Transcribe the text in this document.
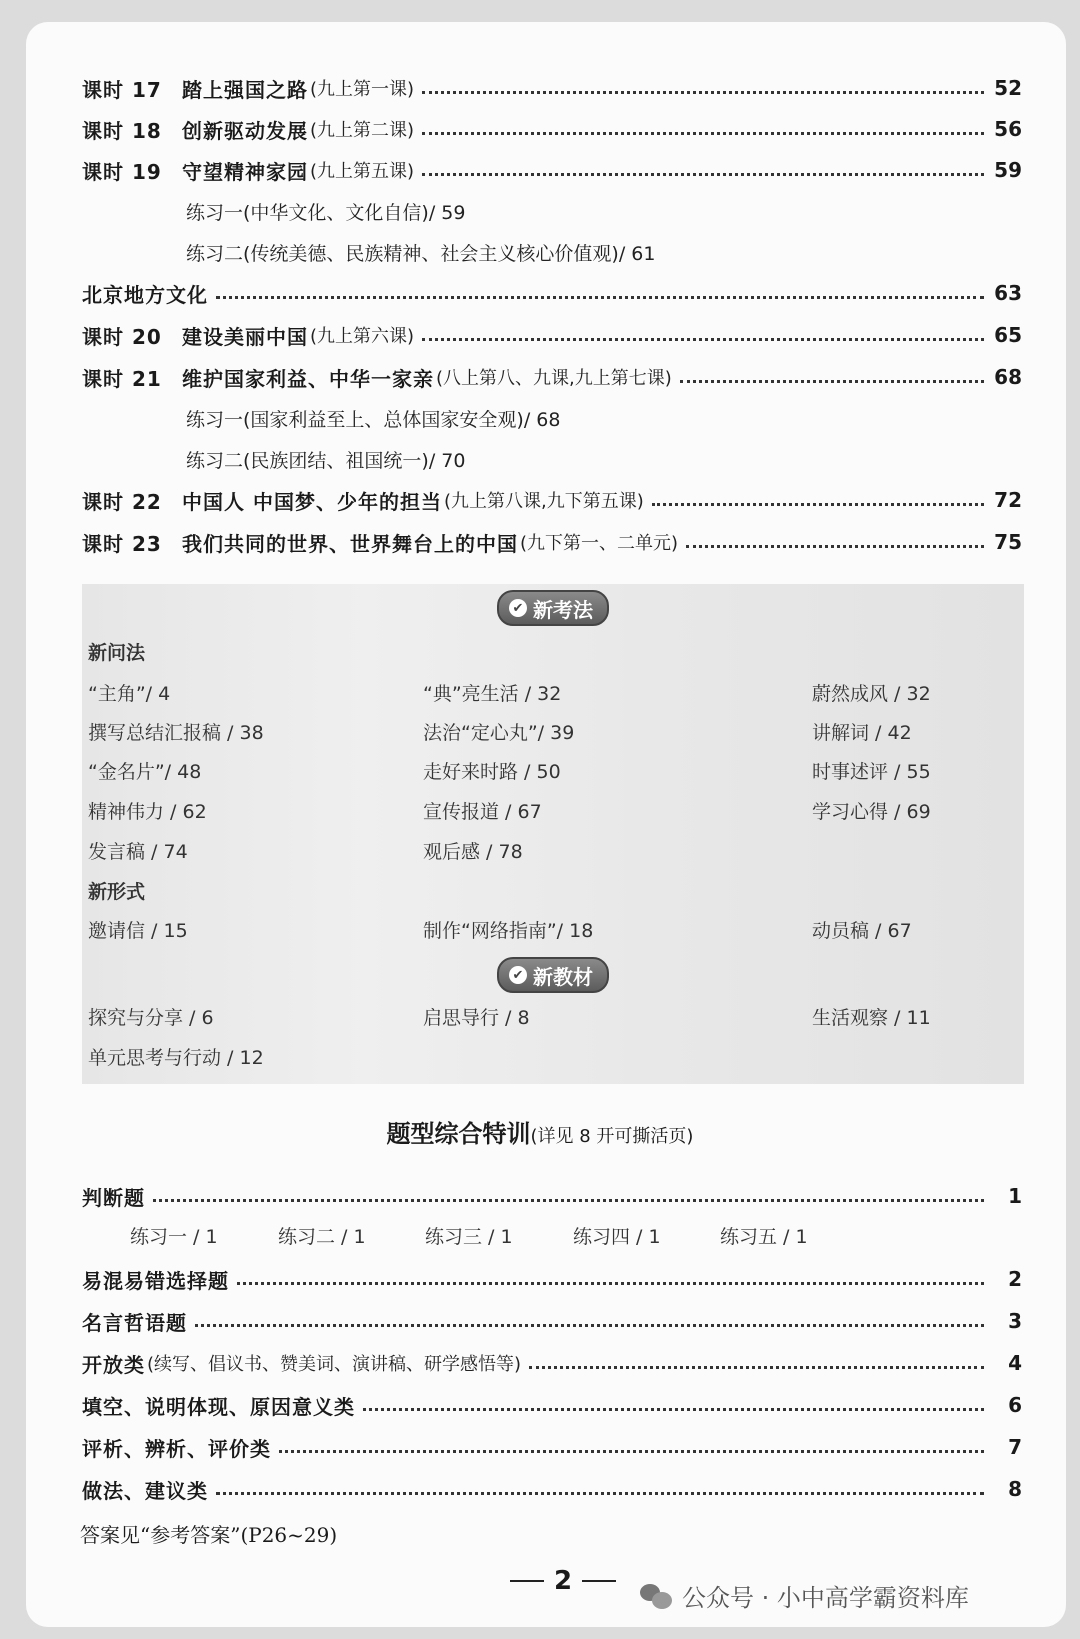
课时 17	踏上强国之路 (九上第一课)	52
课时 18	创新驱动发展 (九上第二课)	56
课时 19	守望精神家园 (九上第五课)	59
练习一(中华文化、文化自信)/ 59
练习二(传统美德、民族精神、社会主义核心价值观)/ 61
北京地方文化	63
课时 20	建设美丽中国 (九上第六课)	65
课时 21	维护国家利益、中华一家亲 (八上第八、九课,九上第七课)	68
练习一(国家利益至上、总体国家安全观)/ 68
练习二(民族团结、祖国统一)/ 70
课时 22	中国人 中国梦、少年的担当 (九上第八课,九下第五课)	72
课时 23	我们共同的世界、世界舞台上的中国 (九下第一、二单元)	75
✔ 新考法
新问法
“主角”/ 4	“典”亮生活 / 32	蔚然成风 / 32
撰写总结汇报稿 / 38	法治“定心丸”/ 39	讲解词 / 42
“金名片”/ 48	走好来时路 / 50	时事述评 / 55
精神伟力 / 62	宣传报道 / 67	学习心得 / 69
发言稿 / 74	观后感 / 78
新形式
邀请信 / 15	制作“网络指南”/ 18	动员稿 / 67
✔ 新教材
探究与分享 / 6	启思导行 / 8	生活观察 / 11
单元思考与行动 / 12
题型综合特训(详见 8 开可撕活页)
判断题	1
练习一 / 1	练习二 / 1	练习三 / 1	练习四 / 1	练习五 / 1
易混易错选择题	2
名言哲语题	3
开放类 (续写、倡议书、赞美词、演讲稿、研学感悟等)	4
填空、说明体现、原因意义类	6
评析、辨析、评价类	7
做法、建议类	8
答案见“参考答案”(P26~29)
2
公众号 · 小中高学霸资料库
